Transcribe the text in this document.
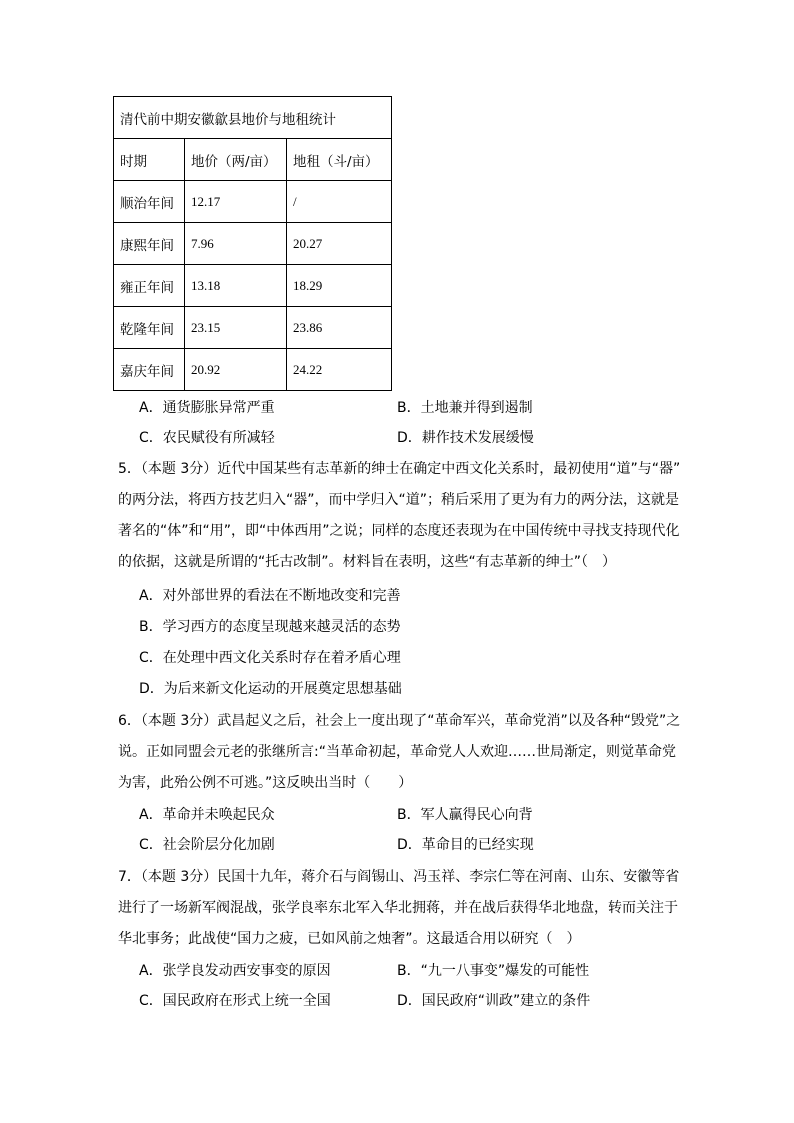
清代前中期安徽歙县地价与地租统计		
时期	地价（两/亩）	地租（斗/亩）
顺治年间	12.17	/
康熙年间	7.96	20.27
雍正年间	13.18	18.29
乾隆年间	23.15	23.86
嘉庆年间	20.92	24.22
A．通货膨胀异常严重	B．土地兼并得到遏制
C．农民赋役有所减轻	D．耕作技术发展缓慢
5．（本题 3分）近代中国某些有志革新的绅士在确定中西文化关系时，最初使用“道”与“器”
的两分法，将西方技艺归入“器”，而中学归入“道”；稍后采用了更为有力的两分法，这就是
著名的“体”和“用”，即“中体西用”之说；同样的态度还表现为在中国传统中寻找支持现代化
的依据，这就是所谓的“托古改制”。材料旨在表明，这些“有志革新的绅士”（　）
A．对外部世界的看法在不断地改变和完善
B．学习西方的态度呈现越来越灵活的态势
C．在处理中西文化关系时存在着矛盾心理
D．为后来新文化运动的开展奠定思想基础
6．（本题 3分）武昌起义之后，社会上一度出现了“革命军兴，革命党消”以及各种“毁党”之
说。正如同盟会元老的张继所言:“当革命初起，革命党人人欢迎……世局渐定，则觉革命党
为害，此殆公例不可逃。”这反映出当时（　　）
A．革命并未唤起民众	B．军人赢得民心向背
C．社会阶层分化加剧	D．革命目的已经实现
7．（本题 3分）民国十九年，蒋介石与阎锡山、冯玉祥、李宗仁等在河南、山东、安徽等省
进行了一场新军阀混战，张学良率东北军入华北拥蒋，并在战后获得华北地盘，转而关注于
华北事务；此战使“国力之疲，已如风前之烛奢”。这最适合用以研究（　）
A．张学良发动西安事变的原因	B．“九一八事变”爆发的可能性
C．国民政府在形式上统一全国	D．国民政府“训政”建立的条件
